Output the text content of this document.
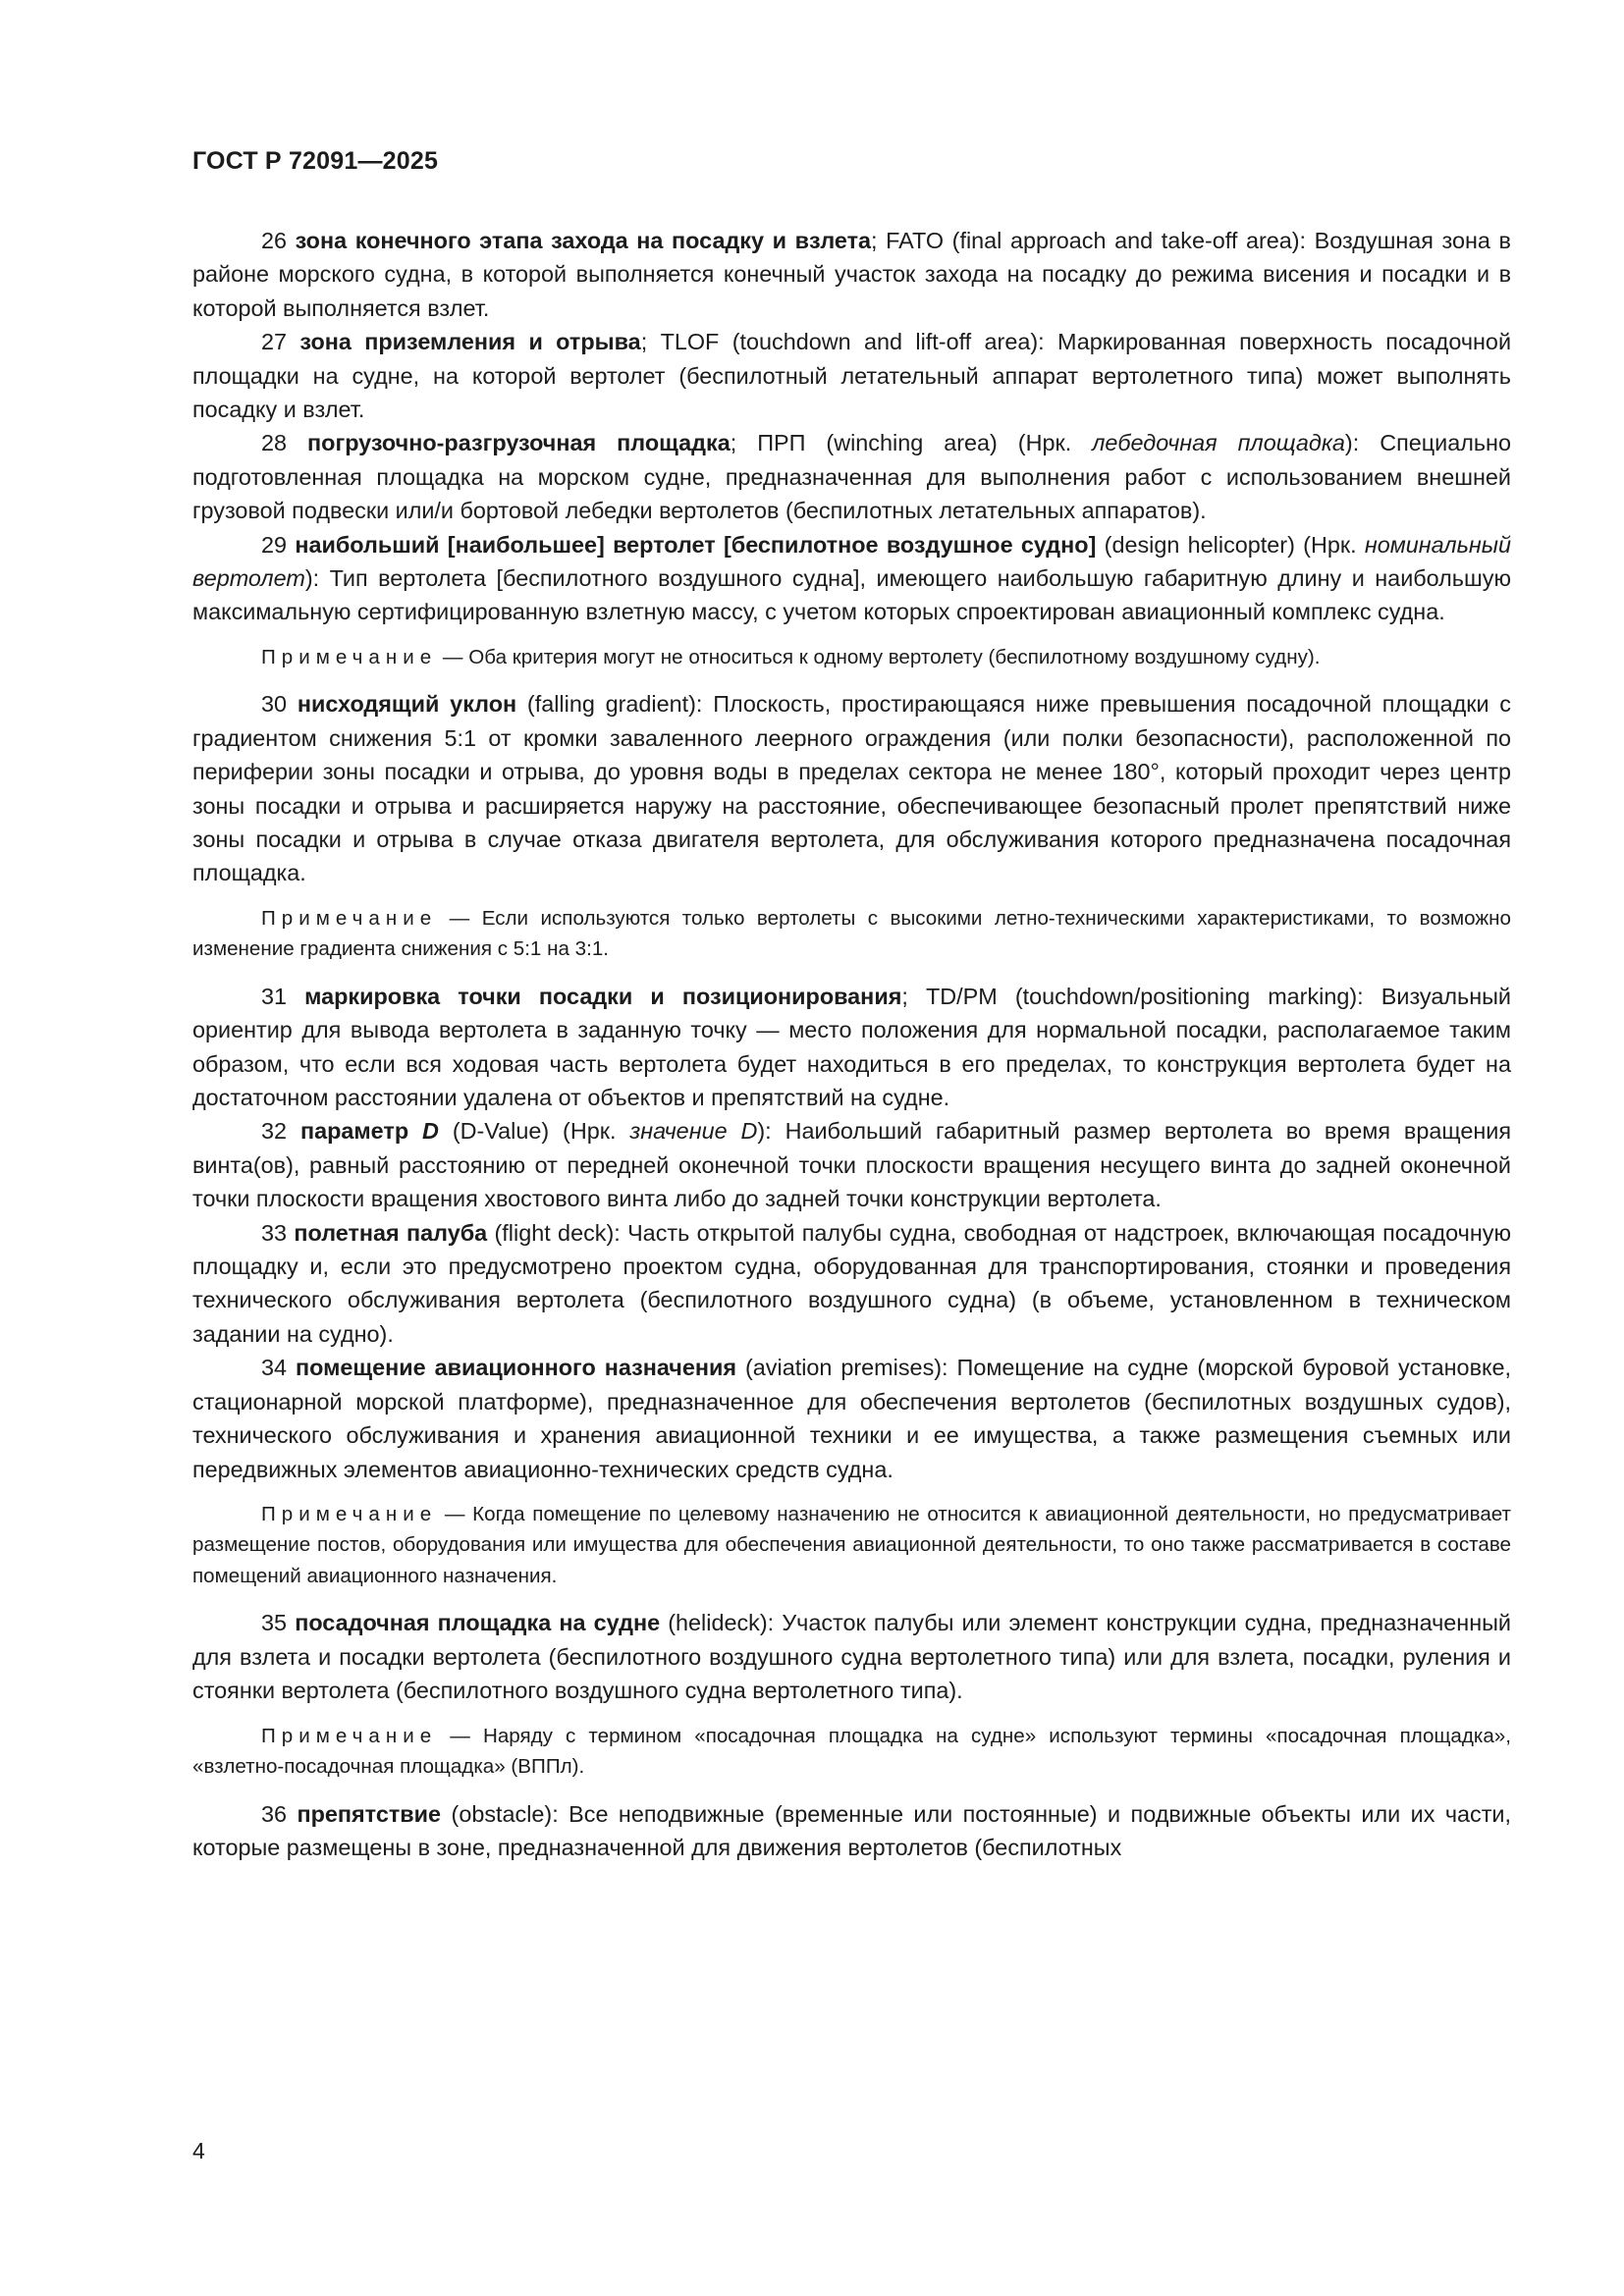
ГОСТ Р 72091—2025

26 зона конечного этапа захода на посадку и взлета; FATO (final approach and take-off area): Воздушная зона в районе морского судна, в которой выполняется конечный участок захода на посадку до режима висения и посадки и в которой выполняется взлет.

27 зона приземления и отрыва; TLOF (touchdown and lift-off area): Маркированная поверхность посадочной площадки на судне, на которой вертолет (беспилотный летательный аппарат вертолетного типа) может выполнять посадку и взлет.

28 погрузочно-разгрузочная площадка; ПРП (winching area) (Нрк. лебедочная площадка): Специально подготовленная площадка на морском судне, предназначенная для выполнения работ с использованием внешней грузовой подвески или/и бортовой лебедки вертолетов (беспилотных летательных аппаратов).

29 наибольший [наибольшее] вертолет [беспилотное воздушное судно] (design helicopter) (Нрк. номинальный вертолет): Тип вертолета [беспилотного воздушного судна], имеющего наибольшую габаритную длину и наибольшую максимальную сертифицированную взлетную массу, с учетом которых спроектирован авиационный комплекс судна.

Примечание — Оба критерия могут не относиться к одному вертолету (беспилотному воздушному судну).

30 нисходящий уклон (falling gradient): Плоскость, простирающаяся ниже превышения посадочной площадки с градиентом снижения 5:1 от кромки заваленного леерного ограждения (или полки безопасности), расположенной по периферии зоны посадки и отрыва, до уровня воды в пределах сектора не менее 180°, который проходит через центр зоны посадки и отрыва и расширяется наружу на расстояние, обеспечивающее безопасный пролет препятствий ниже зоны посадки и отрыва в случае отказа двигателя вертолета, для обслуживания которого предназначена посадочная площадка.

Примечание — Если используются только вертолеты с высокими летно-техническими характеристиками, то возможно изменение градиента снижения с 5:1 на 3:1.

31 маркировка точки посадки и позиционирования; TD/PM (touchdown/positioning marking): Визуальный ориентир для вывода вертолета в заданную точку — место положения для нормальной посадки, располагаемое таким образом, что если вся ходовая часть вертолета будет находиться в его пределах, то конструкция вертолета будет на достаточном расстоянии удалена от объектов и препятствий на судне.

32 параметр D (D-Value) (Нрк. значение D): Наибольший габаритный размер вертолета во время вращения винта(ов), равный расстоянию от передней оконечной точки плоскости вращения несущего винта до задней оконечной точки плоскости вращения хвостового винта либо до задней точки конструкции вертолета.

33 полетная палуба (flight deck): Часть открытой палубы судна, свободная от надстроек, включающая посадочную площадку и, если это предусмотрено проектом судна, оборудованная для транспортирования, стоянки и проведения технического обслуживания вертолета (беспилотного воздушного судна) (в объеме, установленном в техническом задании на судно).

34 помещение авиационного назначения (aviation premises): Помещение на судне (морской буровой установке, стационарной морской платформе), предназначенное для обеспечения вертолетов (беспилотных воздушных судов), технического обслуживания и хранения авиационной техники и ее имущества, а также размещения съемных или передвижных элементов авиационно-технических средств судна.

Примечание — Когда помещение по целевому назначению не относится к авиационной деятельности, но предусматривает размещение постов, оборудования или имущества для обеспечения авиационной деятельности, то оно также рассматривается в составе помещений авиационного назначения.

35 посадочная площадка на судне (helideck): Участок палубы или элемент конструкции судна, предназначенный для взлета и посадки вертолета (беспилотного воздушного судна вертолетного типа) или для взлета, посадки, руления и стоянки вертолета (беспилотного воздушного судна вертолетного типа).

Примечание — Наряду с термином «посадочная площадка на судне» используют термины «посадочная площадка», «взлетно-посадочная площадка» (ВППл).

36 препятствие (obstacle): Все неподвижные (временные или постоянные) и подвижные объекты или их части, которые размещены в зоне, предназначенной для движения вертолетов (беспилотных

4
